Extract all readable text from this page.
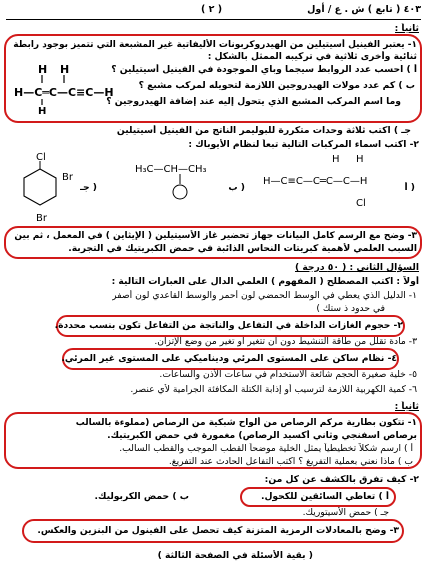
٤٠٣ ( تابع ) ش . ع / أول
( ٢ )
ثانياً :
١- يعتبر الفينيل أسيتيلين من الهيدروكربونات الأليفاتية غير المشبعة التي تتميز بوجود رابطة
ثنائية وأخرى ثلاثية في تركيبه الممثل بالشكل :
H H
H—C═C—C≡C—H
H
أ ) احسب عدد الروابط سيجما وباي الموجودة في الفينيل أسيتيلين ؟
ب ) كم عدد مولات الهيدروجين اللازمة لتحويله لمركب مشبع ؟
وما اسم المركب المشبع الذي يتحول إليه عند إضافة الهيدروجين ؟
جـ ) اكتب ثلاثة وحدات متكررة للبوليمر الناتج من الفينيل أسيتيلين
٢- اكتب اسماء المركبات التالية تبعاً لنظام الأيوباك :
H H
H—C≡C—C═C—C—H
Cl
( أ
H₃C—CH—CH₃
( ب
Cl
Br
Br
( جـ
٣- وضح مع الرسم كامل البيانات جهاز تحضير غاز الأسيتيلين ( الإيثاين ) في المعمل ، ثم بين
السبب العلمي لأهمية كبريتات النحاس الذائبة في حمض الكبريتيك في التجربة.
السؤال الثاني : ( ٥٠ درجة )
أولاً : اكتب المصطلح ( المفهوم ) العلمي الدال على العبارات التالية :
١- الدليل الذي يعطي في الوسط الحمضي لون أحمر والوسط القاعدي لون أصفر
في حدود ذ ستك )
٢- حجوم الغازات الداخلة في التفاعل والناتجة من التفاعل تكون بنسب محددة.
٣- مادة تقلل من طاقة التنشيط دون ان تتغير او تغير من وضع الإتزان.
٤- نظام ساكن على المستوى المرئي وديناميكي على المستوى غير المرئي.
٥- خلية صغيرة الحجم شائعة الاستخدام في ساعات الأذن والساعات.
٦- كمية الكهربية اللازمة لترسيب أو إذابة الكتلة المكافئة الجرامية لأي عنصر.
ثانياً :
١- تتكون بطارية مركم الرصاص من ألواح شبكية من الرصاص (مملوءة بالسالب
برصاص اسفنجي وثاني أكسيد الرصاص) مغمورة في حمض الكبريتيك.
أ ) ارسم شكلاً تخطيطياً يمثل الخلية موضحاً القطب الموجب والقطب السالب.
ب ) ماذا نعني بعملية التفريغ ؟ اكتب التفاعل الحادث عند التفريغ.
٢- كيف تفرق بالكشف عن كل من:
أ ) تعاطي السائقين للكحول.
ب ) حمض الكربوليك.
جـ ) حمض الأسيتوريك.
٣- وضح بالمعادلات الرمزية المتزنة كيف تحصل على الفينول من البنزين والعكس.
( بقية الأسئلة في الصفحة الثالثة )
